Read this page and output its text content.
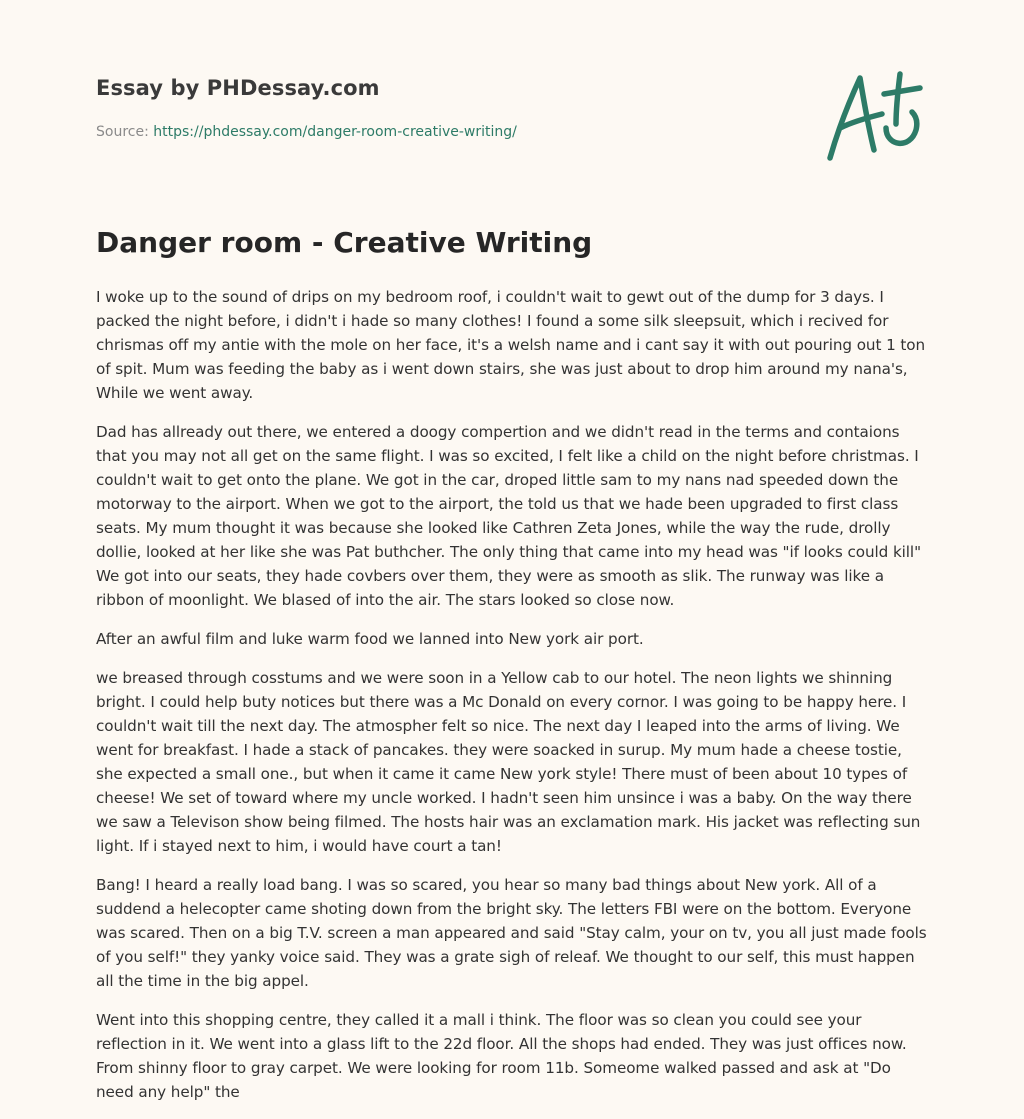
Essay by PHDessay.com
Source: https://phdessay.com/danger-room-creative-writing/
Danger room - Creative Writing

I woke up to the sound of drips on my bedroom roof, i couldn't wait to gewt out of the dump for 3 days. I packed the night before, i didn't i hade so many clothes! I found a some silk sleepsuit, which i recived for chrismas off my antie with the mole on her face, it's a welsh name and i cant say it with out pouring out 1 ton of spit. Mum was feeding the baby as i went down stairs, she was just about to drop him around my nana's, While we went away.

Dad has allready out there, we entered a doogy compertion and we didn't read in the terms and contaions that you may not all get on the same flight. I was so excited, I felt like a child on the night before christmas. I couldn't wait to get onto the plane. We got in the car, droped little sam to my nans nad speeded down the motorway to the airport. When we got to the airport, the told us that we hade been upgraded to first class seats. My mum thought it was because she looked like Cathren Zeta Jones, while the way the rude, drolly dollie, looked at her like she was Pat buthcher. The only thing that came into my head was "if looks could kill" We got into our seats, they hade covbers over them, they were as smooth as slik. The runway was like a ribbon of moonlight. We blased of into the air. The stars looked so close now.

After an awful film and luke warm food we lanned into New york air port.

we breased through cosstums and we were soon in a Yellow cab to our hotel. The neon lights we shinning bright. I could help buty notices but there was a Mc Donald on every cornor. I was going to be happy here. I couldn't wait till the next day. The atmospher felt so nice. The next day I leaped into the arms of living. We went for breakfast. I hade a stack of pancakes. they were soacked in surup. My mum hade a cheese tostie, she expected a small one., but when it came it came New york style! There must of been about 10 types of cheese! We set of toward where my uncle worked. I hadn't seen him unsince i was a baby. On the way there we saw a Televison show being filmed. The hosts hair was an exclamation mark. His jacket was reflecting sun light. If i stayed next to him, i would have court a tan!

Bang! I heard a really load bang. I was so scared, you hear so many bad things about New york. All of a suddend a helecopter came shoting down from the bright sky. The letters FBI were on the bottom. Everyone was scared. Then on a big T.V. screen a man appeared and said "Stay calm, your on tv, you all just made fools of you self!" they yanky voice said. They was a grate sigh of releaf. We thought to our self, this must happen all the time in the big appel.

Went into this shopping centre, they called it a mall i think. The floor was so clean you could see your reflection in it. We went into a glass lift to the 22d floor. All the shops had ended. They was just offices now. From shinny floor to gray carpet. We were looking for room 11b. Someome walked passed and ask at "Do need any help" the
